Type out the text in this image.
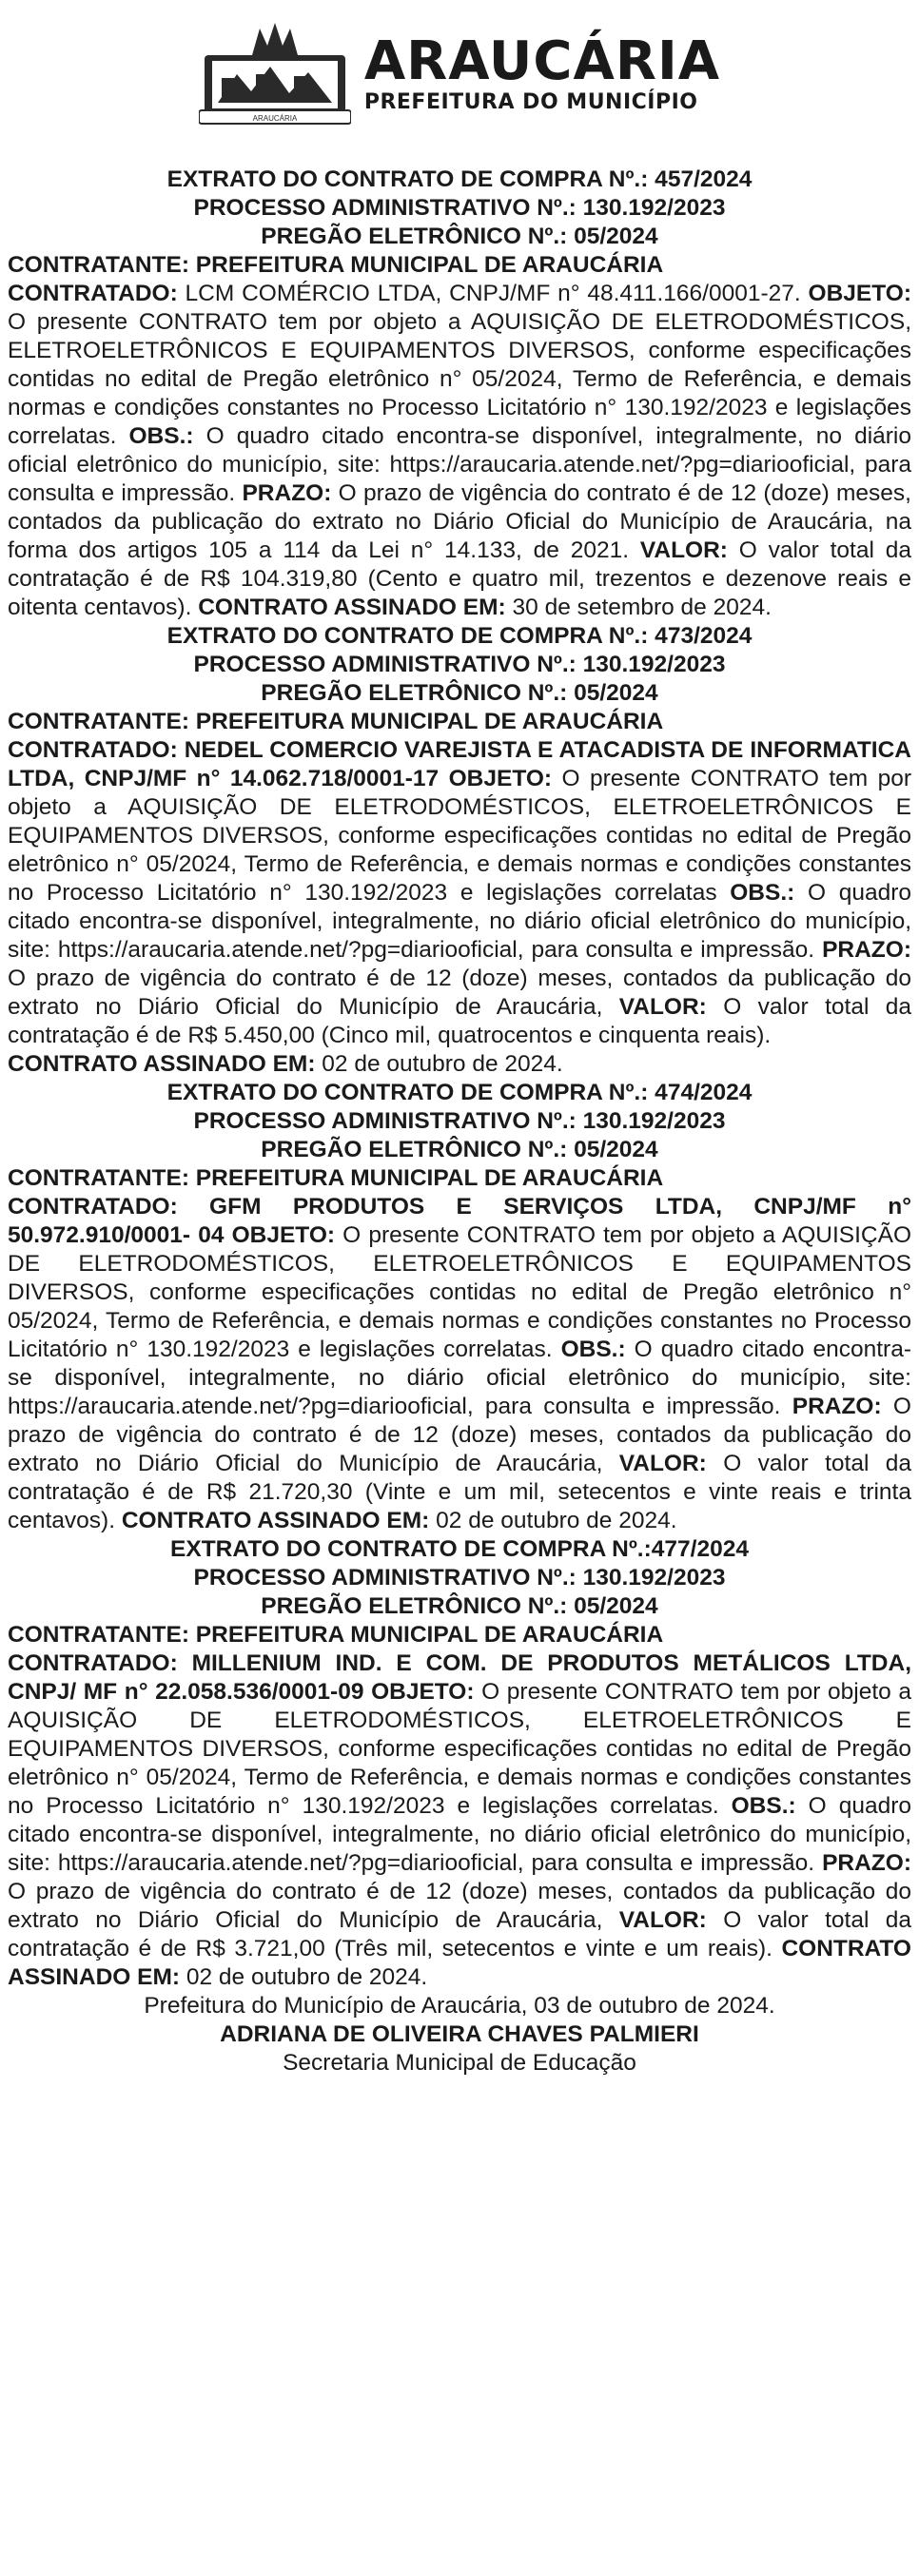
ARAUCÁRIA
ARAUCÁRIA
PREFEITURA DO MUNICÍPIO

EXTRATO DO CONTRATO DE COMPRA Nº.: 457/2024

PROCESSO ADMINISTRATIVO Nº.: 130.192/2023

PREGÃO ELETRÔNICO Nº.: 05/2024

CONTRATANTE: PREFEITURA MUNICIPAL DE ARAUCÁRIA
CONTRATADO: LCM COMÉRCIO LTDA, CNPJ/MF n° 48.411.166/0001-27. OBJETO: O presente CONTRATO tem por objeto a AQUISIÇÃO DE ELETRODOMÉSTICOS, ELETROELETRÔNICOS E EQUIPAMENTOS DIVERSOS, conforme especificações contidas no edital de Pregão eletrônico n° 05/2024, Termo de Referência, e demais normas e condições constantes no Processo Licitatório n° 130.192/2023 e legislações correlatas. OBS.: O quadro citado encontra-se disponível, integralmente, no diário oficial eletrônico do município, site: https://araucaria.atende.net/?pg=diariooficial, para consulta e impressão. PRAZO: O prazo de vigência do contrato é de 12 (doze) meses, contados da publicação do extrato no Diário Oficial do Município de Araucária, na forma dos artigos 105 a 114 da Lei n° 14.133, de 2021. VALOR: O valor total da contratação é de R$ 104.319,80 (Cento e quatro mil, trezentos e dezenove reais e oitenta centavos). CONTRATO ASSINADO EM: 30 de setembro de 2024.

EXTRATO DO CONTRATO DE COMPRA Nº.: 473/2024

PROCESSO ADMINISTRATIVO Nº.: 130.192/2023

PREGÃO ELETRÔNICO Nº.: 05/2024

CONTRATANTE: PREFEITURA MUNICIPAL DE ARAUCÁRIA
CONTRATADO: NEDEL COMERCIO VAREJISTA E ATACADISTA DE INFORMATICA LTDA, CNPJ/MF n° 14.062.718/0001-17 OBJETO: O presente CONTRATO tem por objeto a AQUISIÇÃO DE ELETRODOMÉSTICOS, ELETROELETRÔNICOS E EQUIPAMENTOS DIVERSOS, conforme especificações contidas no edital de Pregão eletrônico n° 05/2024, Termo de Referência, e demais normas e condições constantes no Processo Licitatório n° 130.192/2023 e legislações correlatas OBS.: O quadro citado encontra-se disponível, integralmente, no diário oficial eletrônico do município, site: https://araucaria.atende.net/?pg=diariooficial, para consulta e impressão. PRAZO: O prazo de vigência do contrato é de 12 (doze) meses, contados da publicação do extrato no Diário Oficial do Município de Araucária, VALOR: O valor total da contratação é de R$ 5.450,00 (Cinco mil, quatrocentos e cinquenta reais).
CONTRATO ASSINADO EM: 02 de outubro de 2024.

EXTRATO DO CONTRATO DE COMPRA Nº.: 474/2024

PROCESSO ADMINISTRATIVO Nº.: 130.192/2023

PREGÃO ELETRÔNICO Nº.: 05/2024

CONTRATANTE: PREFEITURA MUNICIPAL DE ARAUCÁRIA
CONTRATADO: GFM PRODUTOS E SERVIÇOS LTDA, CNPJ/MF n° 50.972.910/0001- 04 OBJETO: O presente CONTRATO tem por objeto a AQUISIÇÃO DE ELETRODOMÉSTICOS, ELETROELETRÔNICOS E EQUIPAMENTOS DIVERSOS, conforme especificações contidas no edital de Pregão eletrônico n° 05/2024, Termo de Referência, e demais normas e condições constantes no Processo Licitatório n° 130.192/2023 e legislações correlatas. OBS.: O quadro citado encontra-se disponível, integralmente, no diário oficial eletrônico do município, site: https://araucaria.atende.net/?pg=diariooficial, para consulta e impressão. PRAZO: O prazo de vigência do contrato é de 12 (doze) meses, contados da publicação do extrato no Diário Oficial do Município de Araucária, VALOR: O valor total da contratação é de R$ 21.720,30 (Vinte e um mil, setecentos e vinte reais e trinta centavos). CONTRATO ASSINADO EM: 02 de outubro de 2024.

EXTRATO DO CONTRATO DE COMPRA Nº.:477/2024

PROCESSO ADMINISTRATIVO Nº.: 130.192/2023

PREGÃO ELETRÔNICO Nº.: 05/2024

CONTRATANTE: PREFEITURA MUNICIPAL DE ARAUCÁRIA
CONTRATADO: MILLENIUM IND. E COM. DE PRODUTOS METÁLICOS LTDA, CNPJ/ MF n° 22.058.536/0001-09 OBJETO: O presente CONTRATO tem por objeto a AQUISIÇÃO DE ELETRODOMÉSTICOS, ELETROELETRÔNICOS E EQUIPAMENTOS DIVERSOS, conforme especificações contidas no edital de Pregão eletrônico n° 05/2024, Termo de Referência, e demais normas e condições constantes no Processo Licitatório n° 130.192/2023 e legislações correlatas. OBS.: O quadro citado encontra-se disponível, integralmente, no diário oficial eletrônico do município, site: https://araucaria.atende.net/?pg=diariooficial, para consulta e impressão. PRAZO: O prazo de vigência do contrato é de 12 (doze) meses, contados da publicação do extrato no Diário Oficial do Município de Araucária, VALOR: O valor total da contratação é de R$ 3.721,00 (Três mil, setecentos e vinte e um reais). CONTRATO ASSINADO EM: 02 de outubro de 2024.

Prefeitura do Município de Araucária, 03 de outubro de 2024.

ADRIANA DE OLIVEIRA CHAVES PALMIERI

Secretaria Municipal de Educação
